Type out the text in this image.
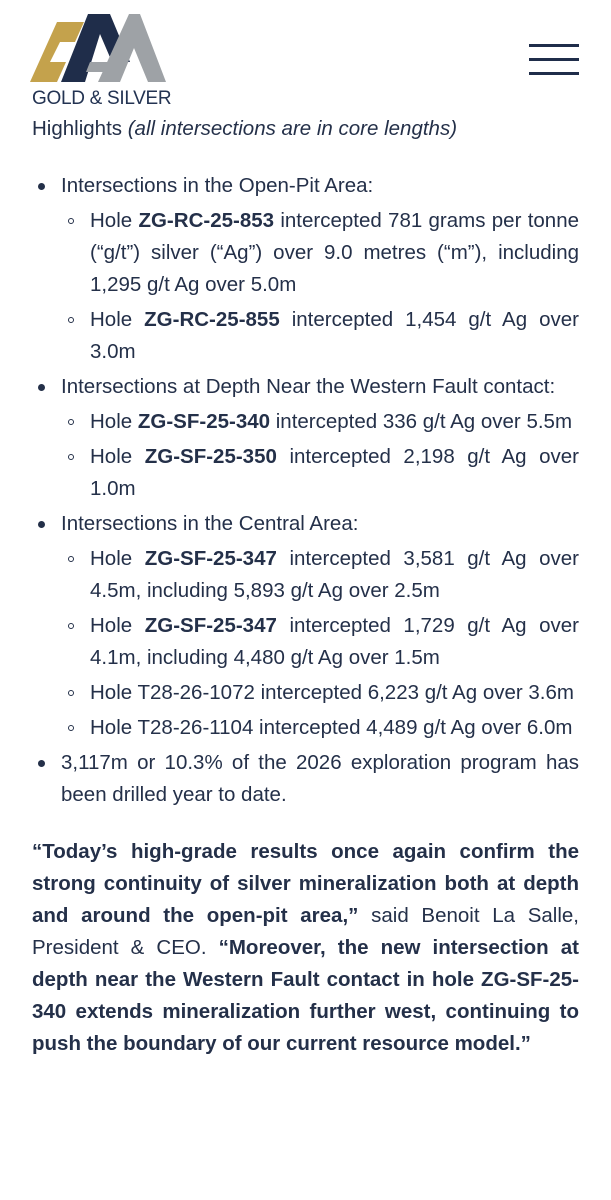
GOLD & SILVER

Highlights (all intersections are in core lengths)

Intersections in the Open-Pit Area:
Hole ZG-RC-25-853 intercepted 781 grams per tonne (“g/t”) silver (“Ag”) over 9.0 metres (“m”), including 1,295 g/t Ag over 5.0m
Hole ZG-RC-25-855 intercepted 1,454 g/t Ag over 3.0m
Intersections at Depth Near the Western Fault contact:
Hole ZG-SF-25-340 intercepted 336 g/t Ag over 5.5m
Hole ZG-SF-25-350 intercepted 2,198 g/t Ag over 1.0m
Intersections in the Central Area:
Hole ZG-SF-25-347 intercepted 3,581 g/t Ag over 4.5m, including 5,893 g/t Ag over 2.5m
Hole ZG-SF-25-347 intercepted 1,729 g/t Ag over 4.1m, including 4,480 g/t Ag over 1.5m
Hole T28-26-1072 intercepted 6,223 g/t Ag over 3.6m
Hole T28-26-1104 intercepted 4,489 g/t Ag over 6.0m
3,117m or 10.3% of the 2026 exploration program has been drilled year to date.

“Today’s high-grade results once again confirm the strong continuity of silver mineralization both at depth and around the open-pit area,” said Benoit La Salle, President & CEO. “Moreover, the new intersection at depth near the Western Fault contact in hole ZG-SF-25-340 extends mineralization further west, continuing to push the boundary of our current resource model.”
